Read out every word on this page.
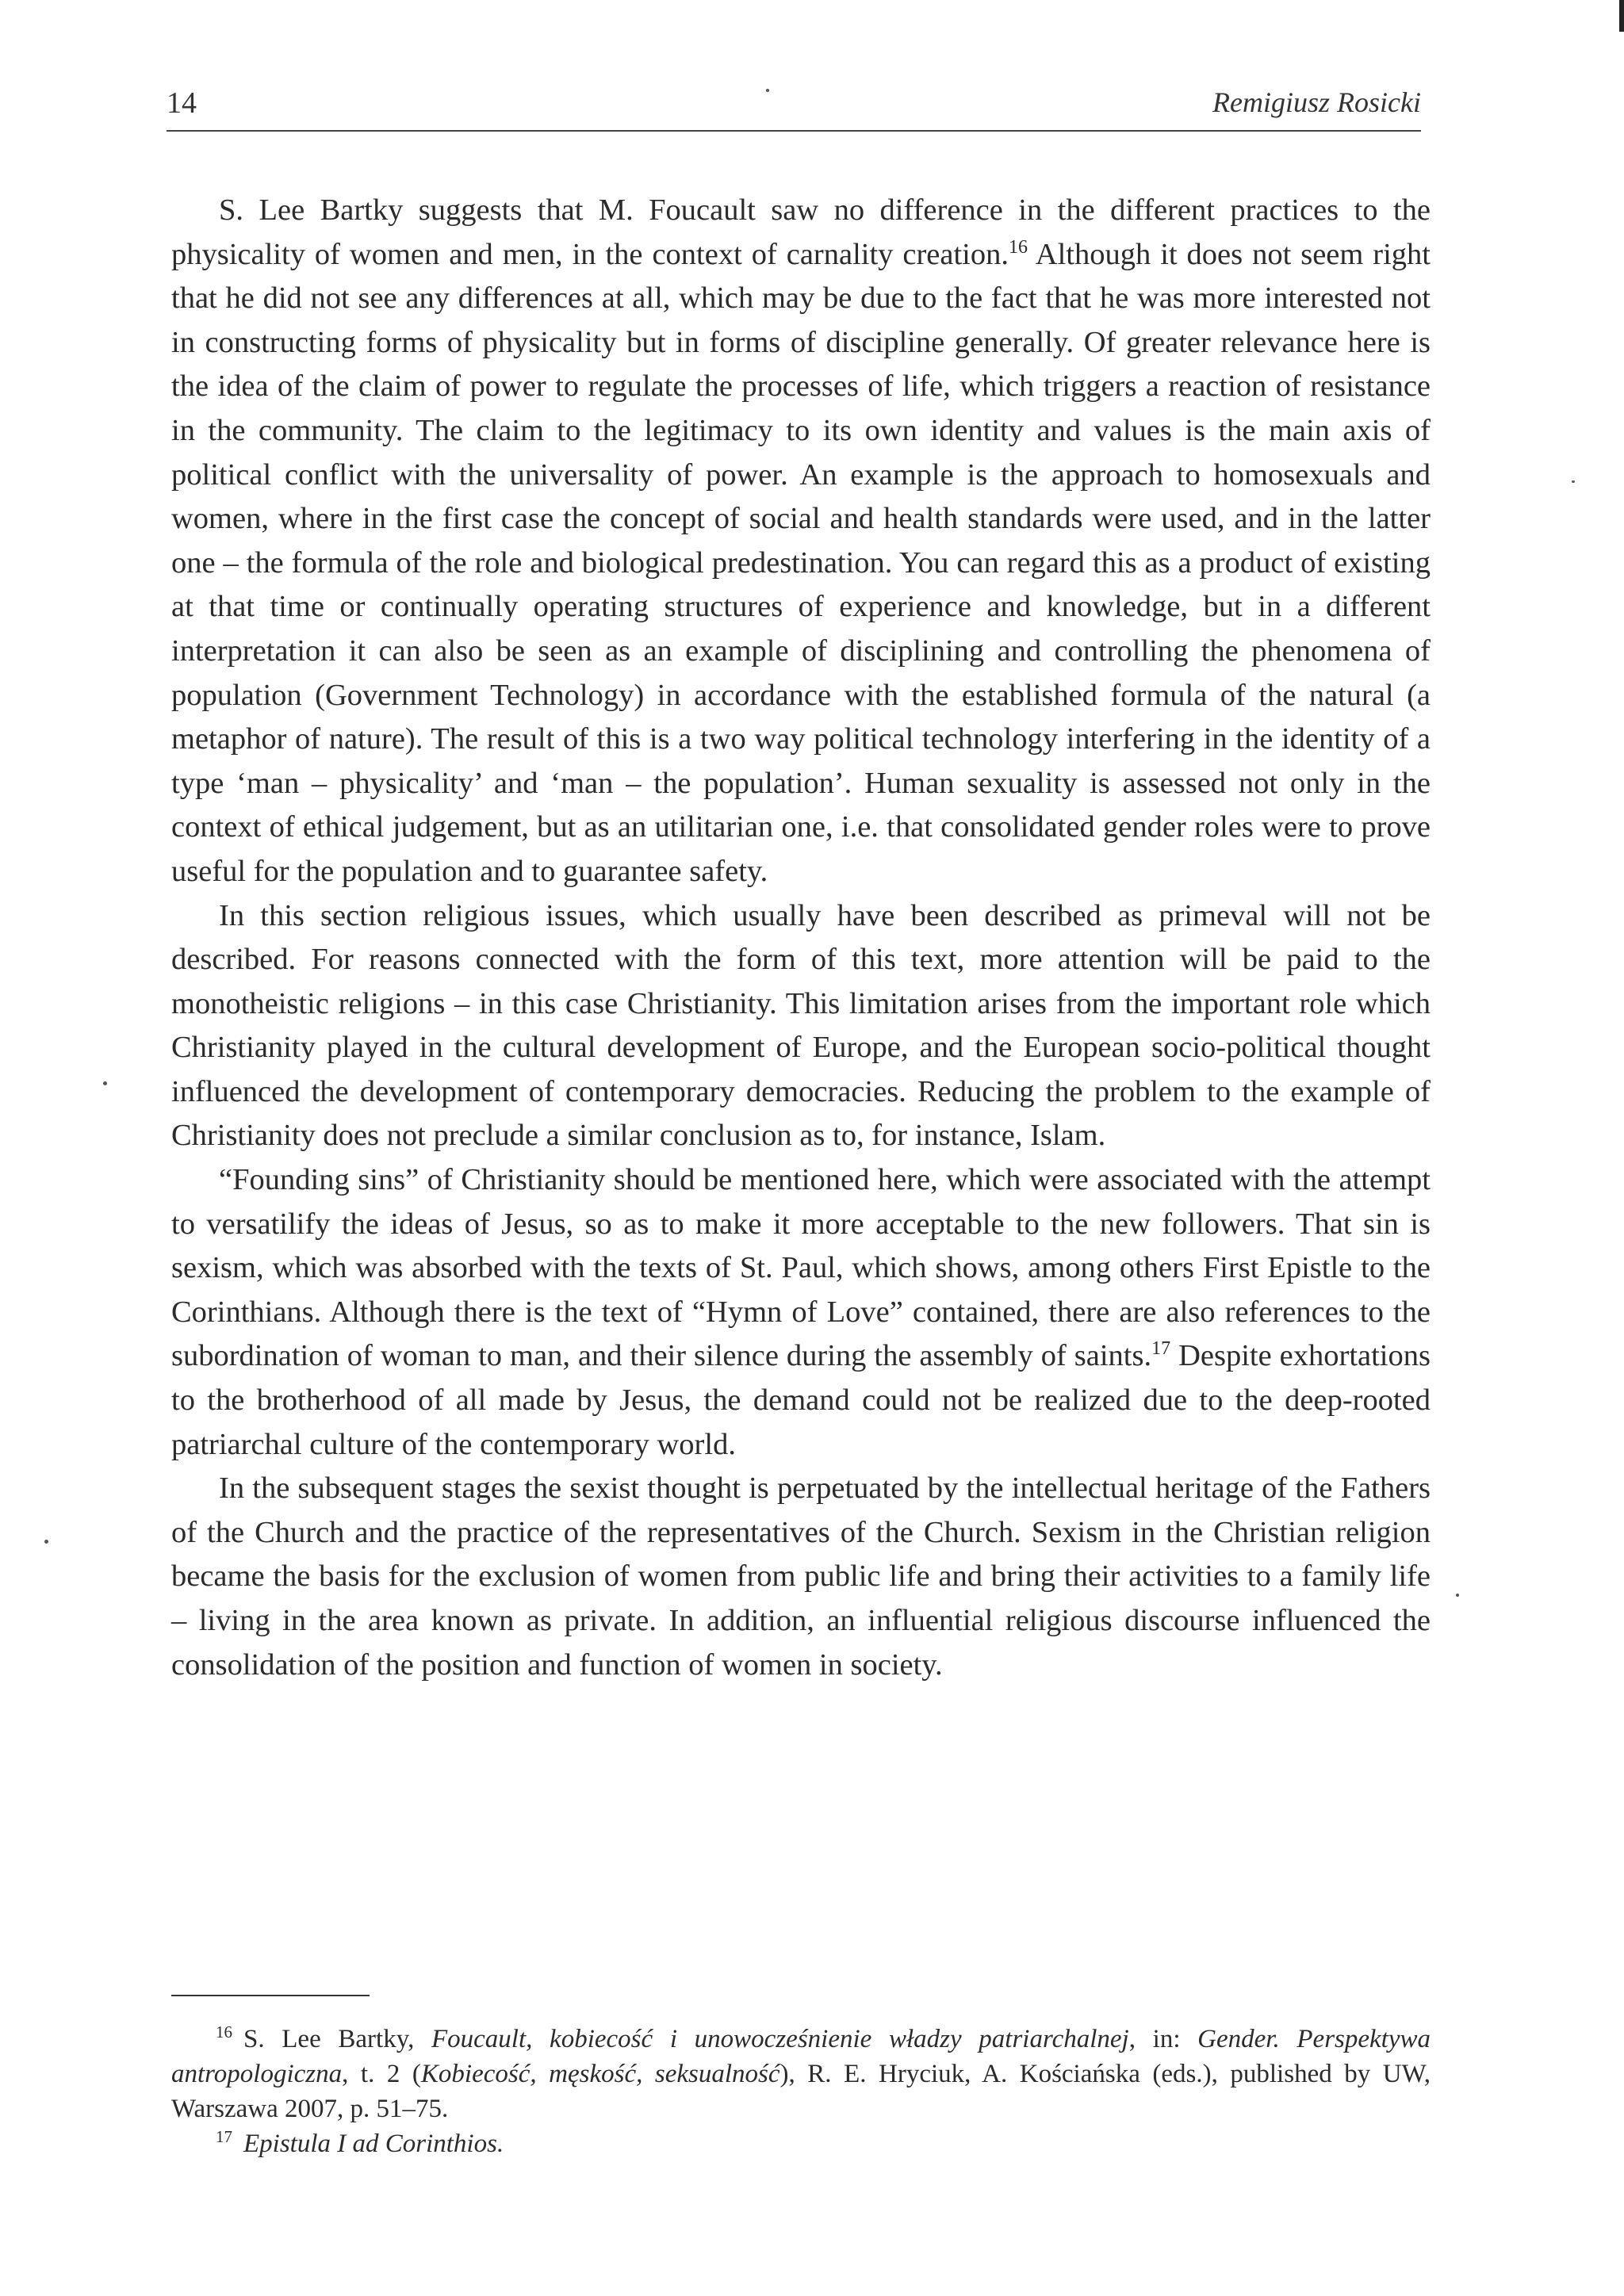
14	Remigiusz Rosicki

S. Lee Bartky suggests that M. Foucault saw no difference in the different practices to the physicality of women and men, in the context of carnality creation.$^{16}$ Although it does not seem right that he did not see any differences at all, which may be due to the fact that he was more interested not in constructing forms of physicality but in forms of discipline generally. Of greater relevance here is the idea of the claim of power to regulate the processes of life, which triggers a reaction of resistance in the community. The claim to the legitimacy to its own identity and values is the main axis of political conflict with the universality of power. An example is the approach to homosexuals and women, where in the first case the concept of social and health standards were used, and in the latter one – the formula of the role and biological predestination. You can regard this as a product of existing at that time or continually operating structures of experience and knowledge, but in a different interpretation it can also be seen as an example of disciplining and controlling the phenomena of population (Government Technology) in accordance with the established formula of the natural (a metaphor of nature). The result of this is a two way political technology interfering in the identity of a type ‘man – physicality’ and ‘man – the population’. Human sexuality is assessed not only in the context of ethical judgement, but as an utilitarian one, i.e. that consolidated gender roles were to prove useful for the population and to guarantee safety.

In this section religious issues, which usually have been described as primeval will not be described. For reasons connected with the form of this text, more attention will be paid to the monotheistic religions – in this case Christianity. This limitation arises from the important role which Christianity played in the cultural development of Europe, and the European socio-political thought influenced the development of contemporary democracies. Reducing the problem to the example of Christianity does not preclude a similar conclusion as to, for instance, Islam.

“Founding sins” of Christianity should be mentioned here, which were associated with the attempt to versatilify the ideas of Jesus, so as to make it more acceptable to the new followers. That sin is sexism, which was absorbed with the texts of St. Paul, which shows, among others First Epistle to the Corinthians. Although there is the text of “Hymn of Love” contained, there are also references to the subordination of woman to man, and their silence during the assembly of saints.$^{17}$ Despite exhortations to the brotherhood of all made by Jesus, the demand could not be realized due to the deep-rooted patriarchal culture of the contemporary world.

In the subsequent stages the sexist thought is perpetuated by the intellectual heritage of the Fathers of the Church and the practice of the representatives of the Church. Sexism in the Christian religion became the basis for the exclusion of women from public life and bring their activities to a family life – living in the area known as private. In addition, an influential religious discourse influenced the consolidation of the position and function of women in society.

$^{16}$ S. Lee Bartky, Foucault, kobiecość i unowocześnienie władzy patriarchalnej, in: Gender. Perspektywa antropologiczna, t. 2 (Kobiecość, męskość, seksualność), R. E. Hryciuk, A. Kościańska (eds.), published by UW, Warszawa 2007, p. 51–75.

$^{17}$ Epistula I ad Corinthios.
